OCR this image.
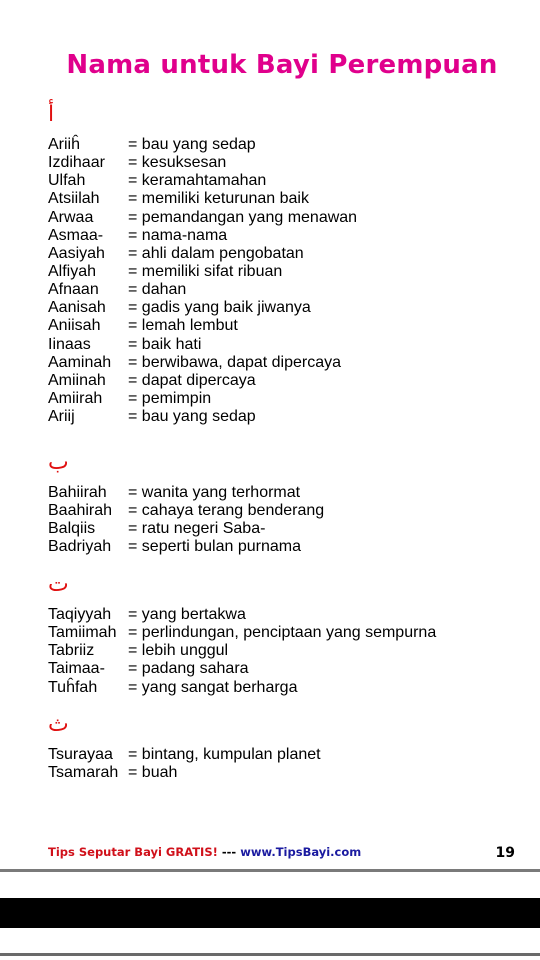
Nama untuk Bayi Perempuan
أ
Ariiĥ	= bau yang sedap
Izdihaar = kesuksesan
Ulfah	= keramahtamahan
Atsiilah = memiliki keturunan baik
Arwaa = pemandangan yang menawan
Asmaa- = nama-nama
Aasiyah = ahli dalam pengobatan
Alfiyah = memiliki sifat ribuan
Afnaan = dahan
Aanisah = gadis yang baik jiwanya
Aniisah = lemah lembut
Iinaas = baik hati
Aaminah = berwibawa, dapat dipercaya
Amiinah = dapat dipercaya
Amiirah = pemimpin
Ariij	= bau yang sedap
ب
Bahiirah = wanita yang terhormat
Baahirah = cahaya terang benderang
Balqiis = ratu negeri Saba-
Badriyah = seperti bulan purnama
ت
Taqiyyah = yang bertakwa
Tamiimah = perlindungan, penciptaan yang sempurna
Tabriiz = lebih unggul
Taimaa- = padang sahara
Tuĥfah = yang sangat berharga
ث
Tsurayaa = bintang, kumpulan planet
Tsamarah = buah
Tips Seputar Bayi GRATIS! --- www.TipsBayi.com	19
